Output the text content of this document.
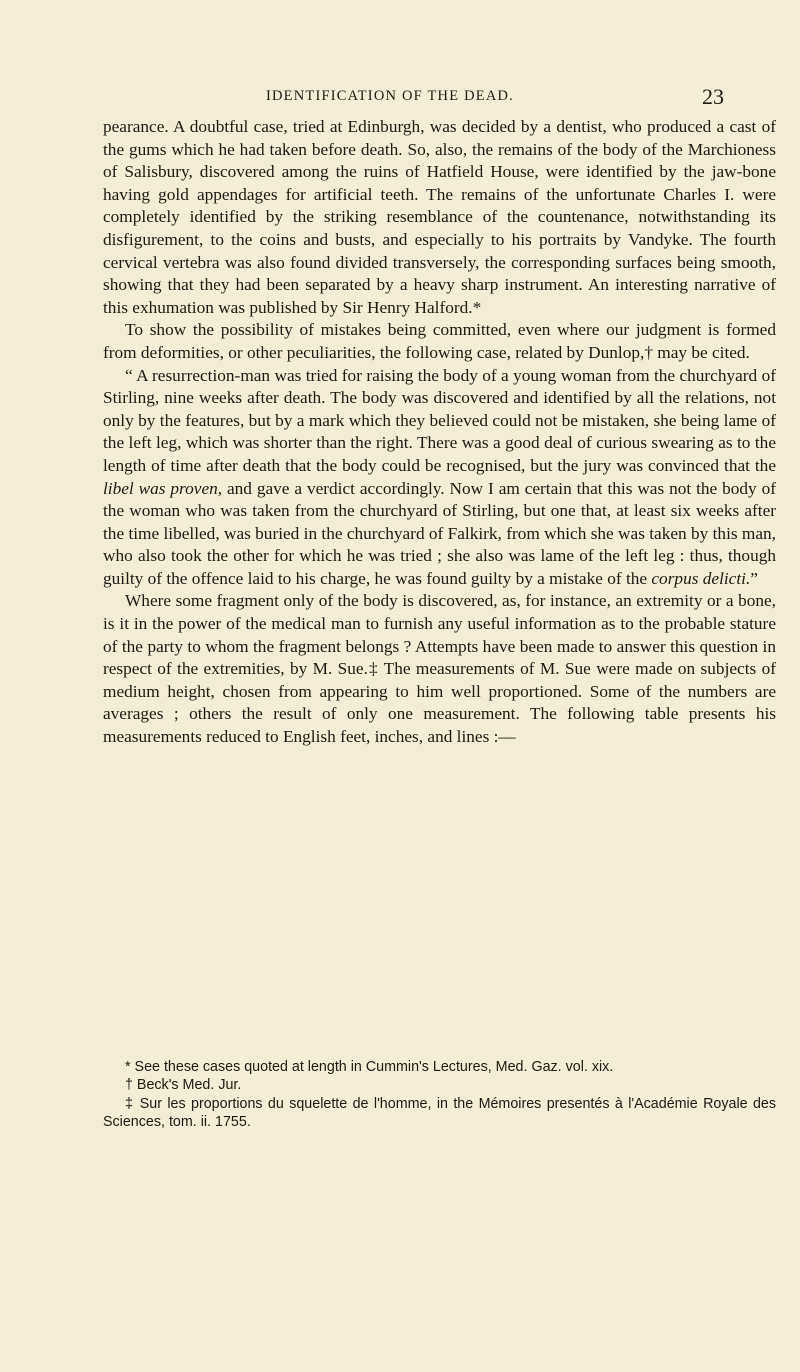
IDENTIFICATION OF THE DEAD.	23

pearance. A doubtful case, tried at Edinburgh, was decided by a dentist, who produced a cast of the gums which he had taken before death. So, also, the remains of the body of the Marchioness of Salisbury, discovered among the ruins of Hatfield House, were identified by the jaw-bone having gold appendages for artificial teeth. The remains of the unfortunate Charles I. were completely identified by the striking resemblance of the countenance, notwithstanding its disfigurement, to the coins and busts, and especially to his portraits by Vandyke. The fourth cervical vertebra was also found divided transversely, the corresponding surfaces being smooth, showing that they had been separated by a heavy sharp instrument. An interesting narrative of this exhumation was published by Sir Henry Halford.*

To show the possibility of mistakes being committed, even where our judgment is formed from deformities, or other peculiarities, the following case, related by Dunlop,† may be cited.

“ A resurrection-man was tried for raising the body of a young woman from the churchyard of Stirling, nine weeks after death. The body was discovered and identified by all the relations, not only by the features, but by a mark which they believed could not be mistaken, she being lame of the left leg, which was shorter than the right. There was a good deal of curious swearing as to the length of time after death that the body could be recognised, but the jury was convinced that the libel was proven, and gave a verdict accordingly. Now I am certain that this was not the body of the woman who was taken from the churchyard of Stirling, but one that, at least six weeks after the time libelled, was buried in the churchyard of Falkirk, from which she was taken by this man, who also took the other for which he was tried ; she also was lame of the left leg : thus, though guilty of the offence laid to his charge, he was found guilty by a mistake of the corpus delicti.”

Where some fragment only of the body is discovered, as, for instance, an extremity or a bone, is it in the power of the medical man to furnish any useful information as to the probable stature of the party to whom the fragment belongs ? Attempts have been made to answer this question in respect of the extremities, by M. Sue.‡ The measurements of M. Sue were made on subjects of medium height, chosen from appearing to him well proportioned. Some of the numbers are averages ; others the result of only one measurement. The following table presents his measurements reduced to English feet, inches, and lines :—

* See these cases quoted at length in Cummin's Lectures, Med. Gaz. vol. xix.

† Beck's Med. Jur.

‡ Sur les proportions du squelette de l'homme, in the Mémoires presentés à l'Académie Royale des Sciences, tom. ii. 1755.
